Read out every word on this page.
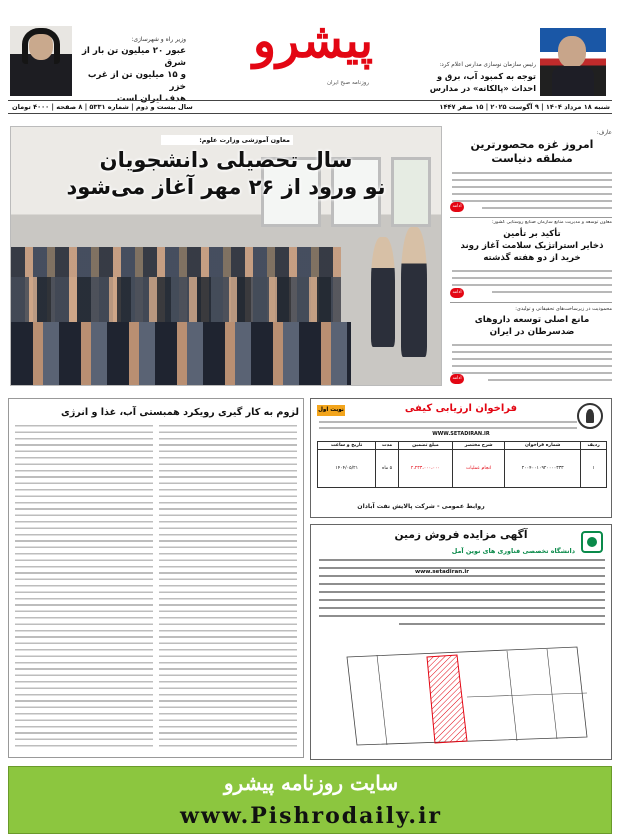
وزیر راه و شهرسازی:
عبور ۲۰ میلیون تن بار از شرق
و ۱۵ میلیون تن از غرب خزر
هدف ایران است
پیشرو
روزنامه صبح ایران
رئیس سازمان نوسازی مدارس اعلام کرد:
توجه به کمبود آب، برق و
احداث «پالکانه» در مدارس
شنبه ۱۸ مرداد ۱۴۰۴ | ۹ آگوست ۲۰۲۵ | ۱۵ صفر ۱۴۴۷
سال بیست و دوم | شماره ۵۳۳۱ | ۸ صفحه | ۴۰۰۰ تومان
معاون آموزشی وزارت علوم:
سال تحصیلی دانشجویان
نو ورود از ۲۶ مهر آغاز می‌شود
عارف:
امروز غزه محصورترین
منطقه دنیاست
ادامه
معاون توسعه و مدیریت منابع سازمان صنایع روستایی کشور:
تأکید بر تأمین
ذخایر استراتژیک سلامت آغاز روند
خرید از دو هفته گذشته
ادامه
محمودیت در زیرساخت‌های تحقیقاتی و تولیدی:
مانع اصلی توسعه داروهای
ضدسرطان در ایران
ادامه
لزوم به کار گیری رویکرد همبستی آب، غذا و انرژی	نوبت اول	فراخوان ارزیابی کیفی
WWW.SETADIRAN.IR
ردیف	شماره فراخوان	شرح مختصر	مبلغ تضمین	مدت	تاریخ و ساعت
۱	۲۰۰۴۰۰۱۰۹۲۰۰۰۰۳۳۳	انجام عملیات	۲،۲۳۳،۰۰۰،۰۰۰	۵ ماه	۱۴۰۴/۰۵/۲۱
روابط عمومی - شرکت پالایش نفت آبادان
آگهی مزایده فروش زمین
دانشگاه تخصصی فناوری های نوین آمل
www.setadiran.ir
سایت روزنامه پیشرو
www.Pishrodaily.ir
